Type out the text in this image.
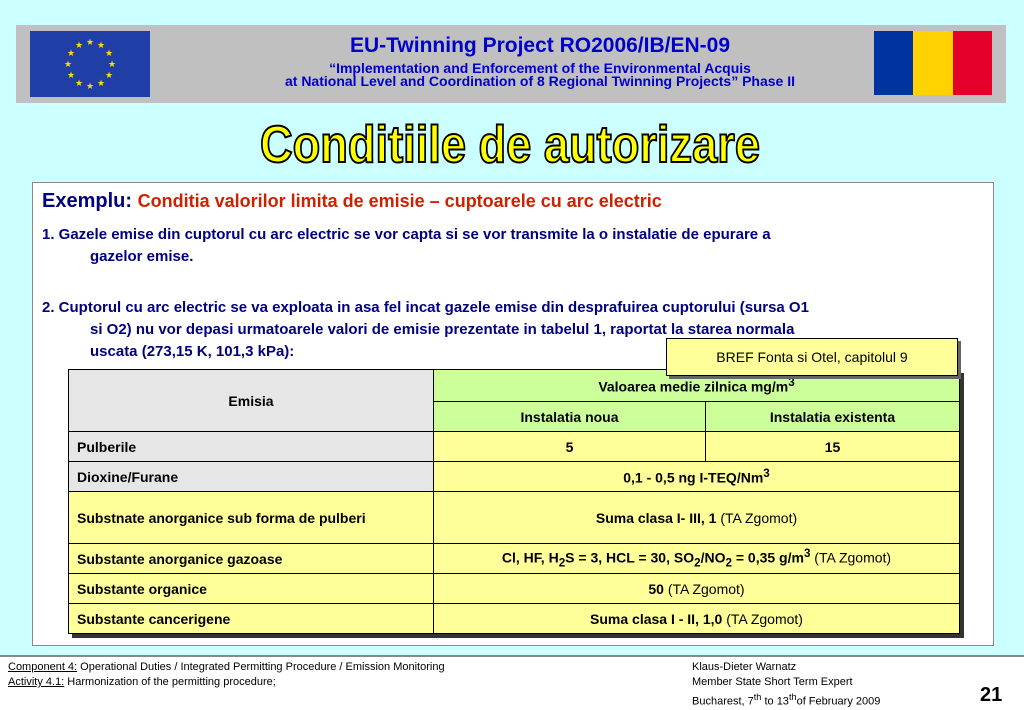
★ ★
★
★
★
★
★
★
★
★
★
★	EU-Twinning Project RO2006/IB/EN-09
“Implementation and Enforcement of the Environmental Acquis
at National Level and Coordination of 8 Regional Twinning Projects” Phase II
Conditiile de autorizare
Exemplu: Conditia valorilor limita de emisie – cuptoarele cu arc electric
1. Gazele emise din cuptorul cu arc electric se vor capta si se vor transmite la o instalatie de epurare a
gazelor emise.
2. Cuptorul cu arc electric se va exploata in asa fel incat gazele emise din desprafuirea cuptorului (sursa O1
si O2) nu vor depasi urmatoarele valori de emisie prezentate in tabelul 1, raportat la starea normala
uscata (273,15 K, 101,3 kPa):
Emisia	Valoarea medie zilnica $mg/m^3$
	Instalatia noua	Instalatia existenta
Pulberile	5	15
Dioxine/Furane	0,1 - 0,5 ng I-TEQ/Nm$^3$
Substnate anorganice sub forma de pulberi	Suma clasa I- III, 1 (TA Zgomot)	
Substante anorganice gazoase	Cl, HF, $H_2S = 3$, HCL = 30, $SO_2/NO_2 = 0,35$ $g/m^3$ (TA Zgomot)	
Substante organice	50 (TA Zgomot)	
Substante cancerigene	Suma clasa I - II, 1,0 (TA Zgomot)	
BREF Fonta si Otel, capitolul 9
Component 4: Operational Duties / Integrated Permitting Procedure / Emission Monitoring
Activity 4.1: Harmonization of the permitting procedure;
Klaus-Dieter Warnatz
Member State Short Term Expert
Bucharest, 7th to 13thof February 2009	21
